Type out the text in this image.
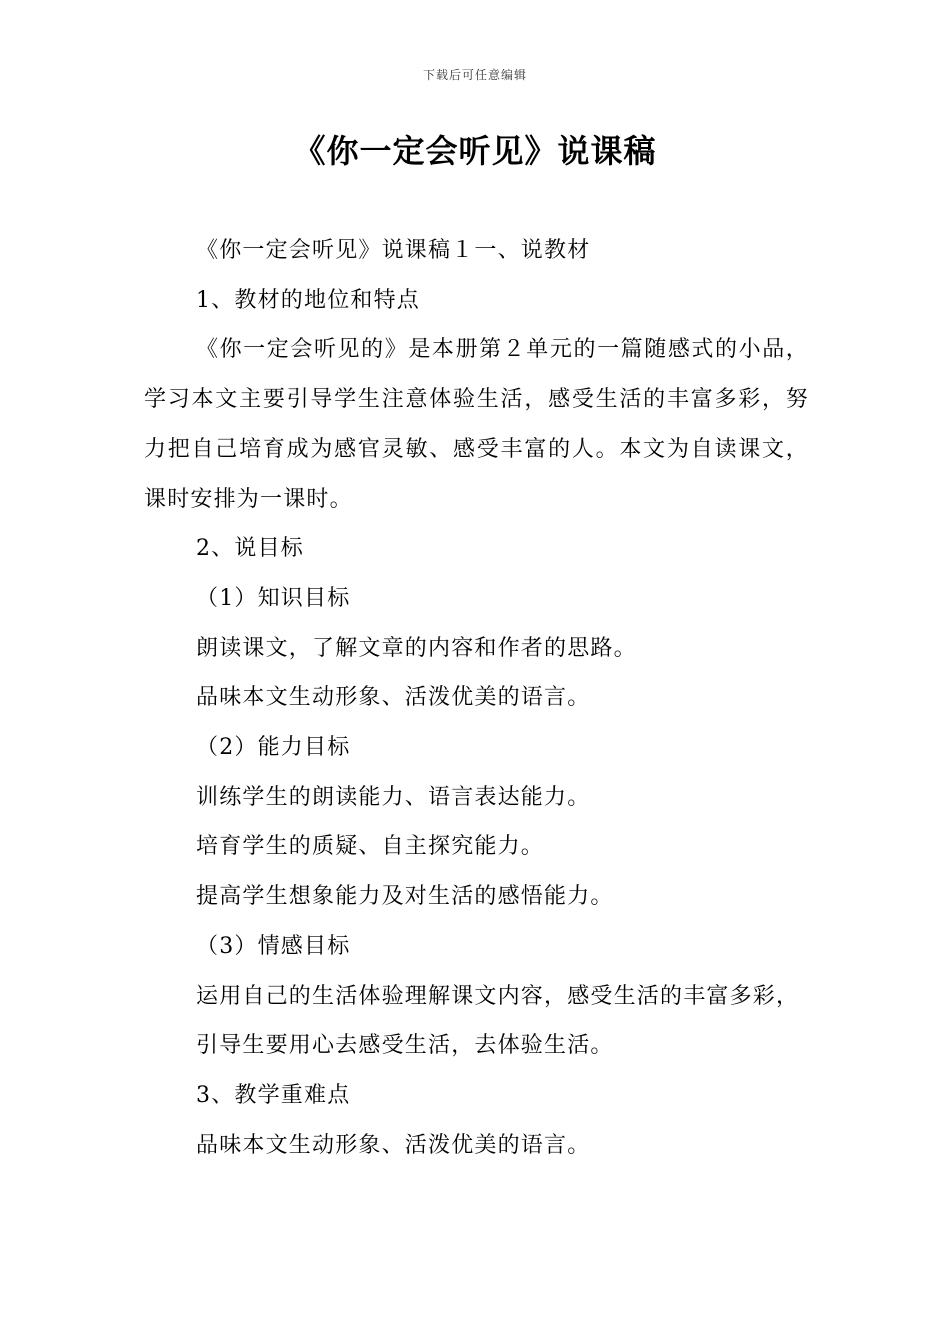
下载后可任意编辑
《你一定会听见》说课稿

《你一定会听见》说课稿１一、说教材

1、教材的地位和特点

《你一定会听见的》是本册第２单元的一篇随感式的小品，学习本文主要引导学生注意体验生活，感受生活的丰富多彩，努力把自己培育成为感官灵敏、感受丰富的人。本文为自读课文，课时安排为一课时。

2、说目标

（1）知识目标

朗读课文，了解文章的内容和作者的思路。

品味本文生动形象、活泼优美的语言。

（2）能力目标

训练学生的朗读能力、语言表达能力。

培育学生的质疑、自主探究能力。

提高学生想象能力及对生活的感悟能力。

（3）情感目标

运用自己的生活体验理解课文内容，感受生活的丰富多彩，

引导生要用心去感受生活，去体验生活。

3、教学重难点

品味本文生动形象、活泼优美的语言。
